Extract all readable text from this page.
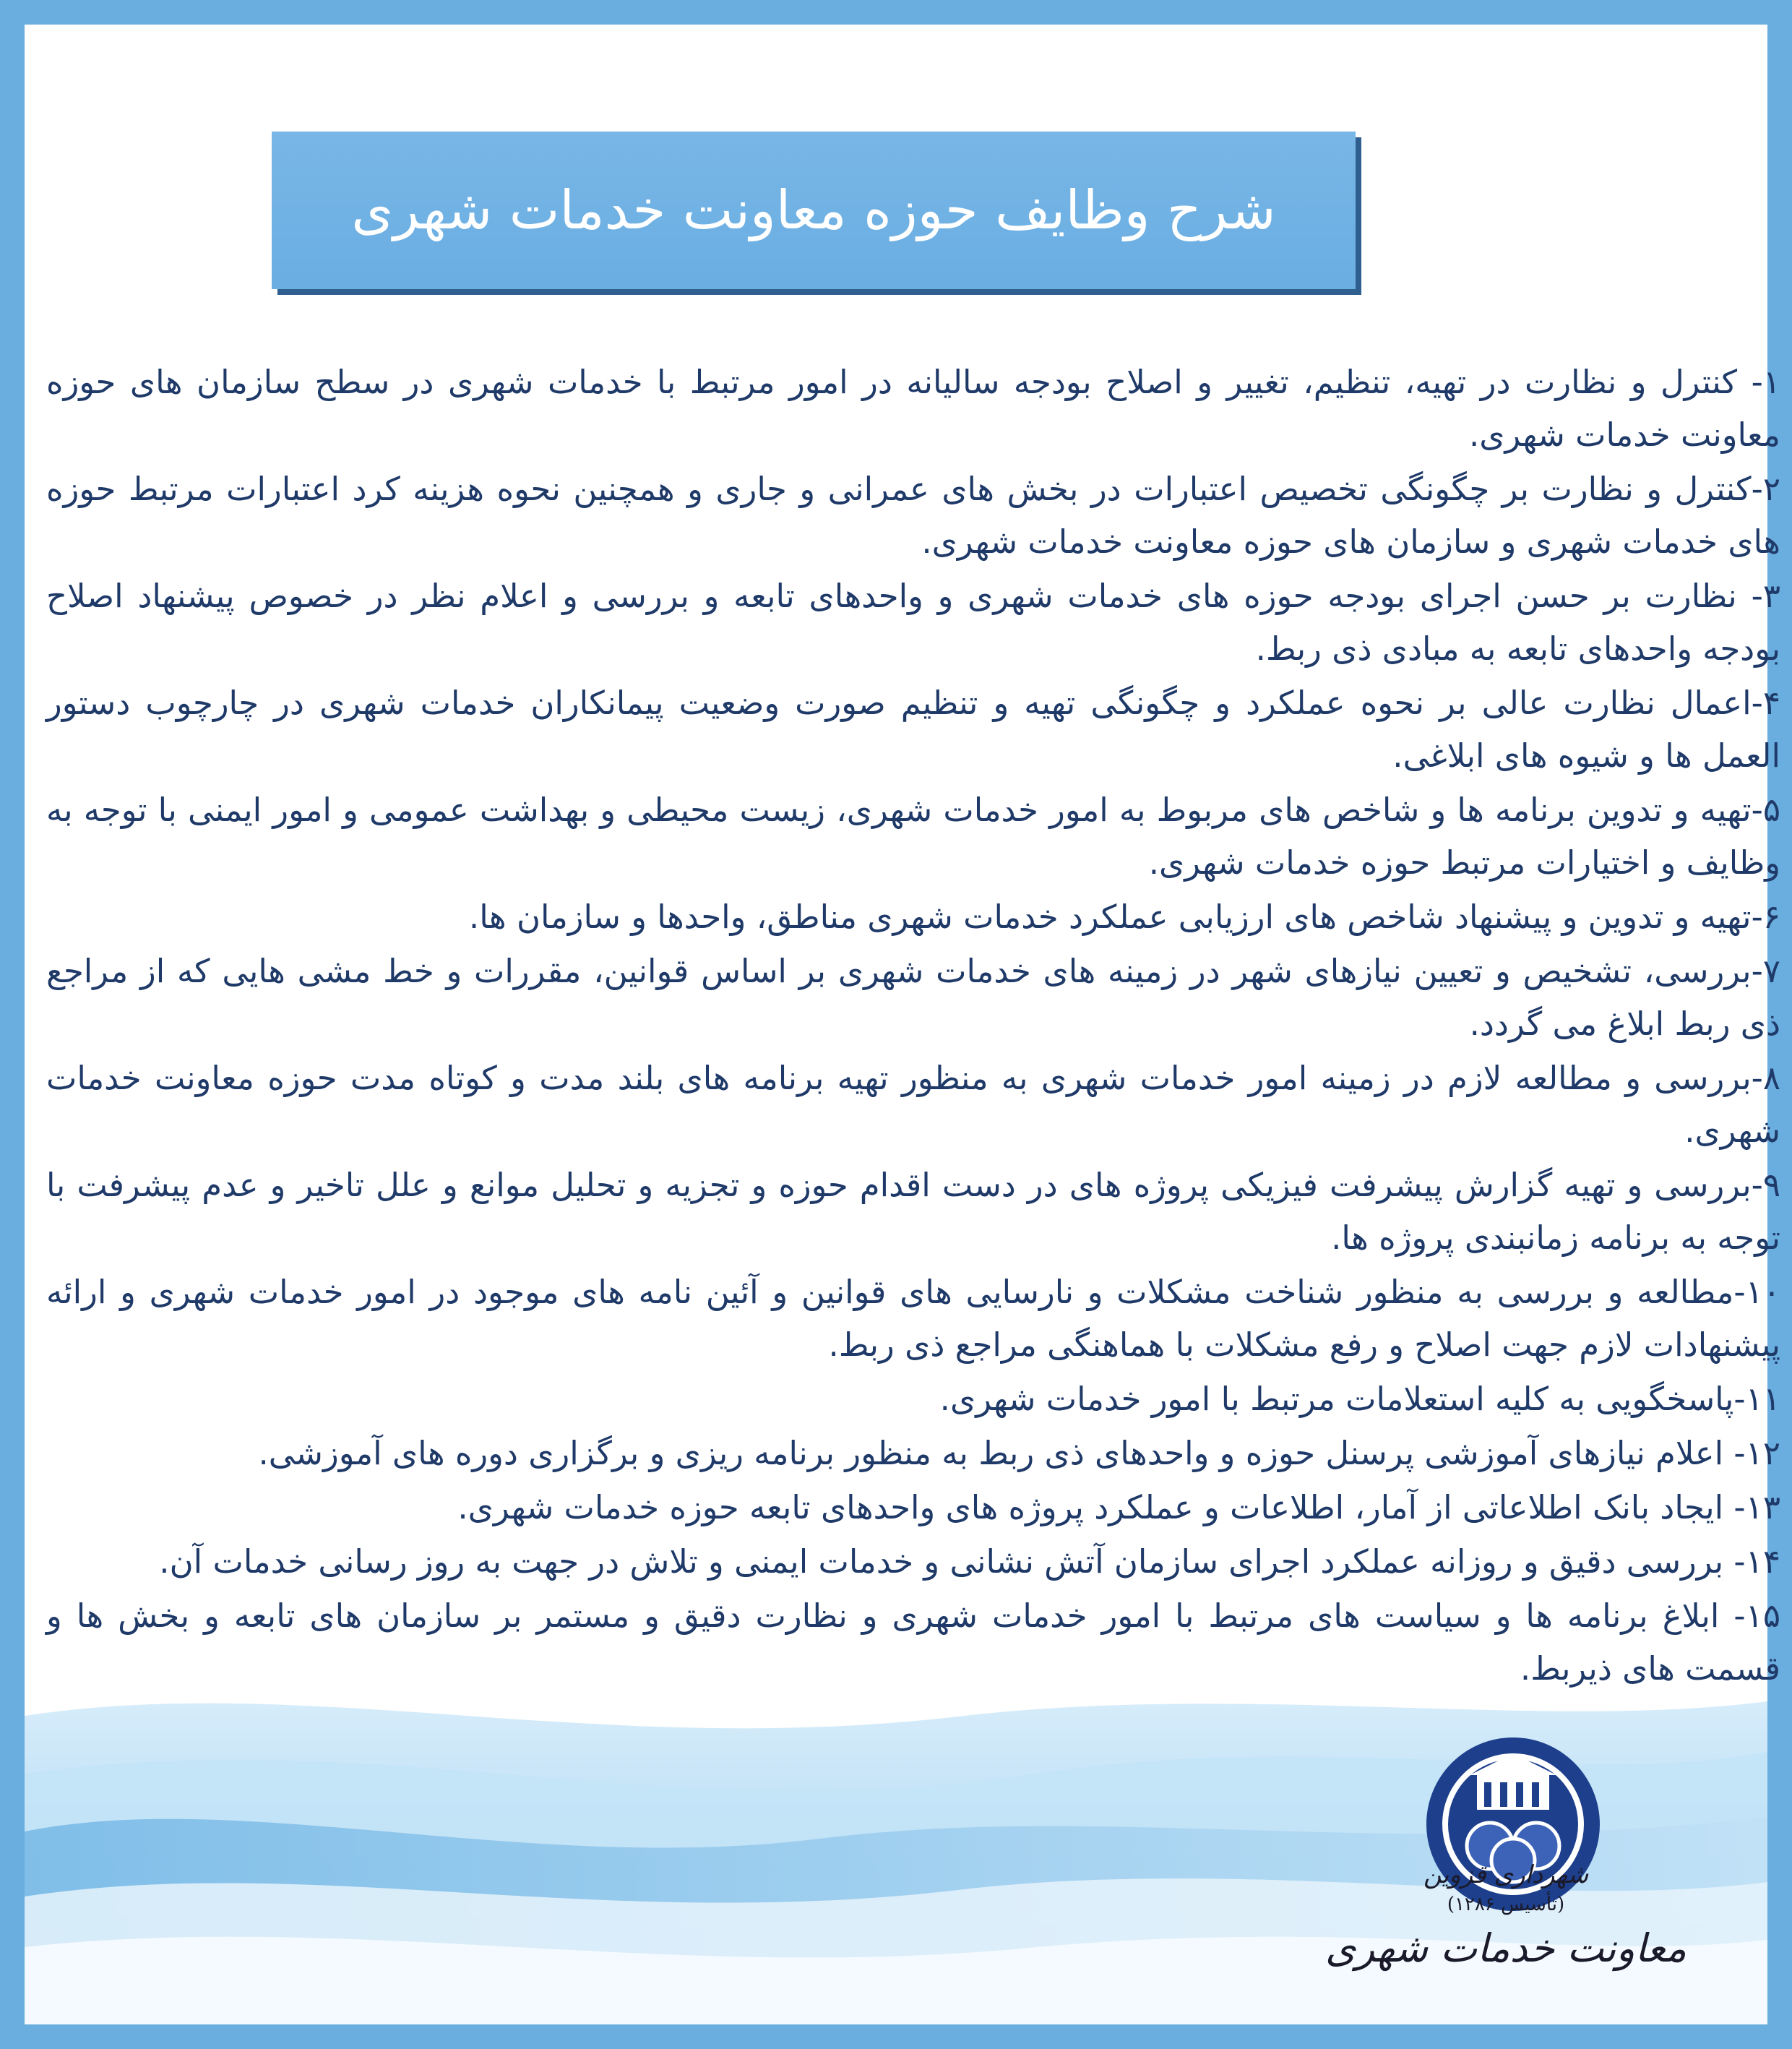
شرح وظایف حوزه معاونت خدمات شهری

۱- کنترل و نظارت در تهیه، تنظیم، تغییر و اصلاح بودجه سالیانه در امور مرتبط با خدمات شهری در سطح سازمان های حوزه معاونت خدمات شهری.

۲-کنترل و نظارت بر چگونگی تخصیص اعتبارات در بخش های عمرانی و جاری و همچنین نحوه هزینه کرد اعتبارات مرتبط حوزه های خدمات شهری و سازمان های حوزه معاونت خدمات شهری.

۳- نظارت بر حسن اجرای بودجه حوزه های خدمات شهری و واحدهای تابعه و بررسی و اعلام نظر در خصوص پیشنهاد اصلاح بودجه واحدهای تابعه به مبادی ذی ربط.

۴-اعمال نظارت عالی بر نحوه عملکرد و چگونگی تهیه و تنظیم صورت وضعیت پیمانکاران خدمات شهری در چارچوب دستور العمل ها و شیوه های ابلاغی.

۵-تهیه و تدوین برنامه ها و شاخص های مربوط به امور خدمات شهری، زیست محیطی و بهداشت عمومی و امور ایمنی با توجه به وظایف و اختیارات مرتبط حوزه خدمات شهری.

۶-تهیه و تدوین و پیشنهاد شاخص های ارزیابی عملکرد خدمات شهری مناطق، واحدها و سازمان ها.

۷-بررسی، تشخیص و تعیین نیازهای شهر در زمینه های خدمات شهری بر اساس قوانین، مقررات و خط مشی هایی که از مراجع ذی ربط ابلاغ می گردد.

۸-بررسی و مطالعه لازم در زمینه امور خدمات شهری به منظور تهیه برنامه های بلند مدت و کوتاه مدت حوزه معاونت خدمات شهری.

۹-بررسی و تهیه گزارش پیشرفت فیزیکی پروژه های در دست اقدام حوزه و تجزیه و تحلیل موانع و علل تاخیر و عدم پیشرفت با توجه به برنامه زمانبندی پروژه ها.

۱۰-مطالعه و بررسی به منظور شناخت مشکلات و نارسایی های قوانین و آئین نامه های موجود در امور خدمات شهری و ارائه پیشنهادات لازم جهت اصلاح و رفع مشکلات با هماهنگی مراجع ذی ربط.

۱۱-پاسخگویی به کلیه استعلامات مرتبط با امور خدمات شهری.

۱۲- اعلام نیازهای آموزشی پرسنل حوزه و واحدهای ذی ربط به منظور برنامه ریزی و برگزاری دوره های آموزشی.

۱۳- ایجاد بانک اطلاعاتی از آمار، اطلاعات و عملکرد پروژه های واحدهای تابعه حوزه خدمات شهری.

۱۴- بررسی دقیق و روزانه عملکرد اجرای سازمان آتش نشانی و خدمات ایمنی و تلاش در جهت به روز رسانی خدمات آن.

۱۵- ابلاغ برنامه ها و سیاست های مرتبط با امور خدمات شهری و نظارت دقیق و مستمر بر سازمان های تابعه و بخش ها و قسمت های ذیربط.

شهرداری قزوین
(تأسیس ۱۲۸۶)
معاونت خدمات شهری
